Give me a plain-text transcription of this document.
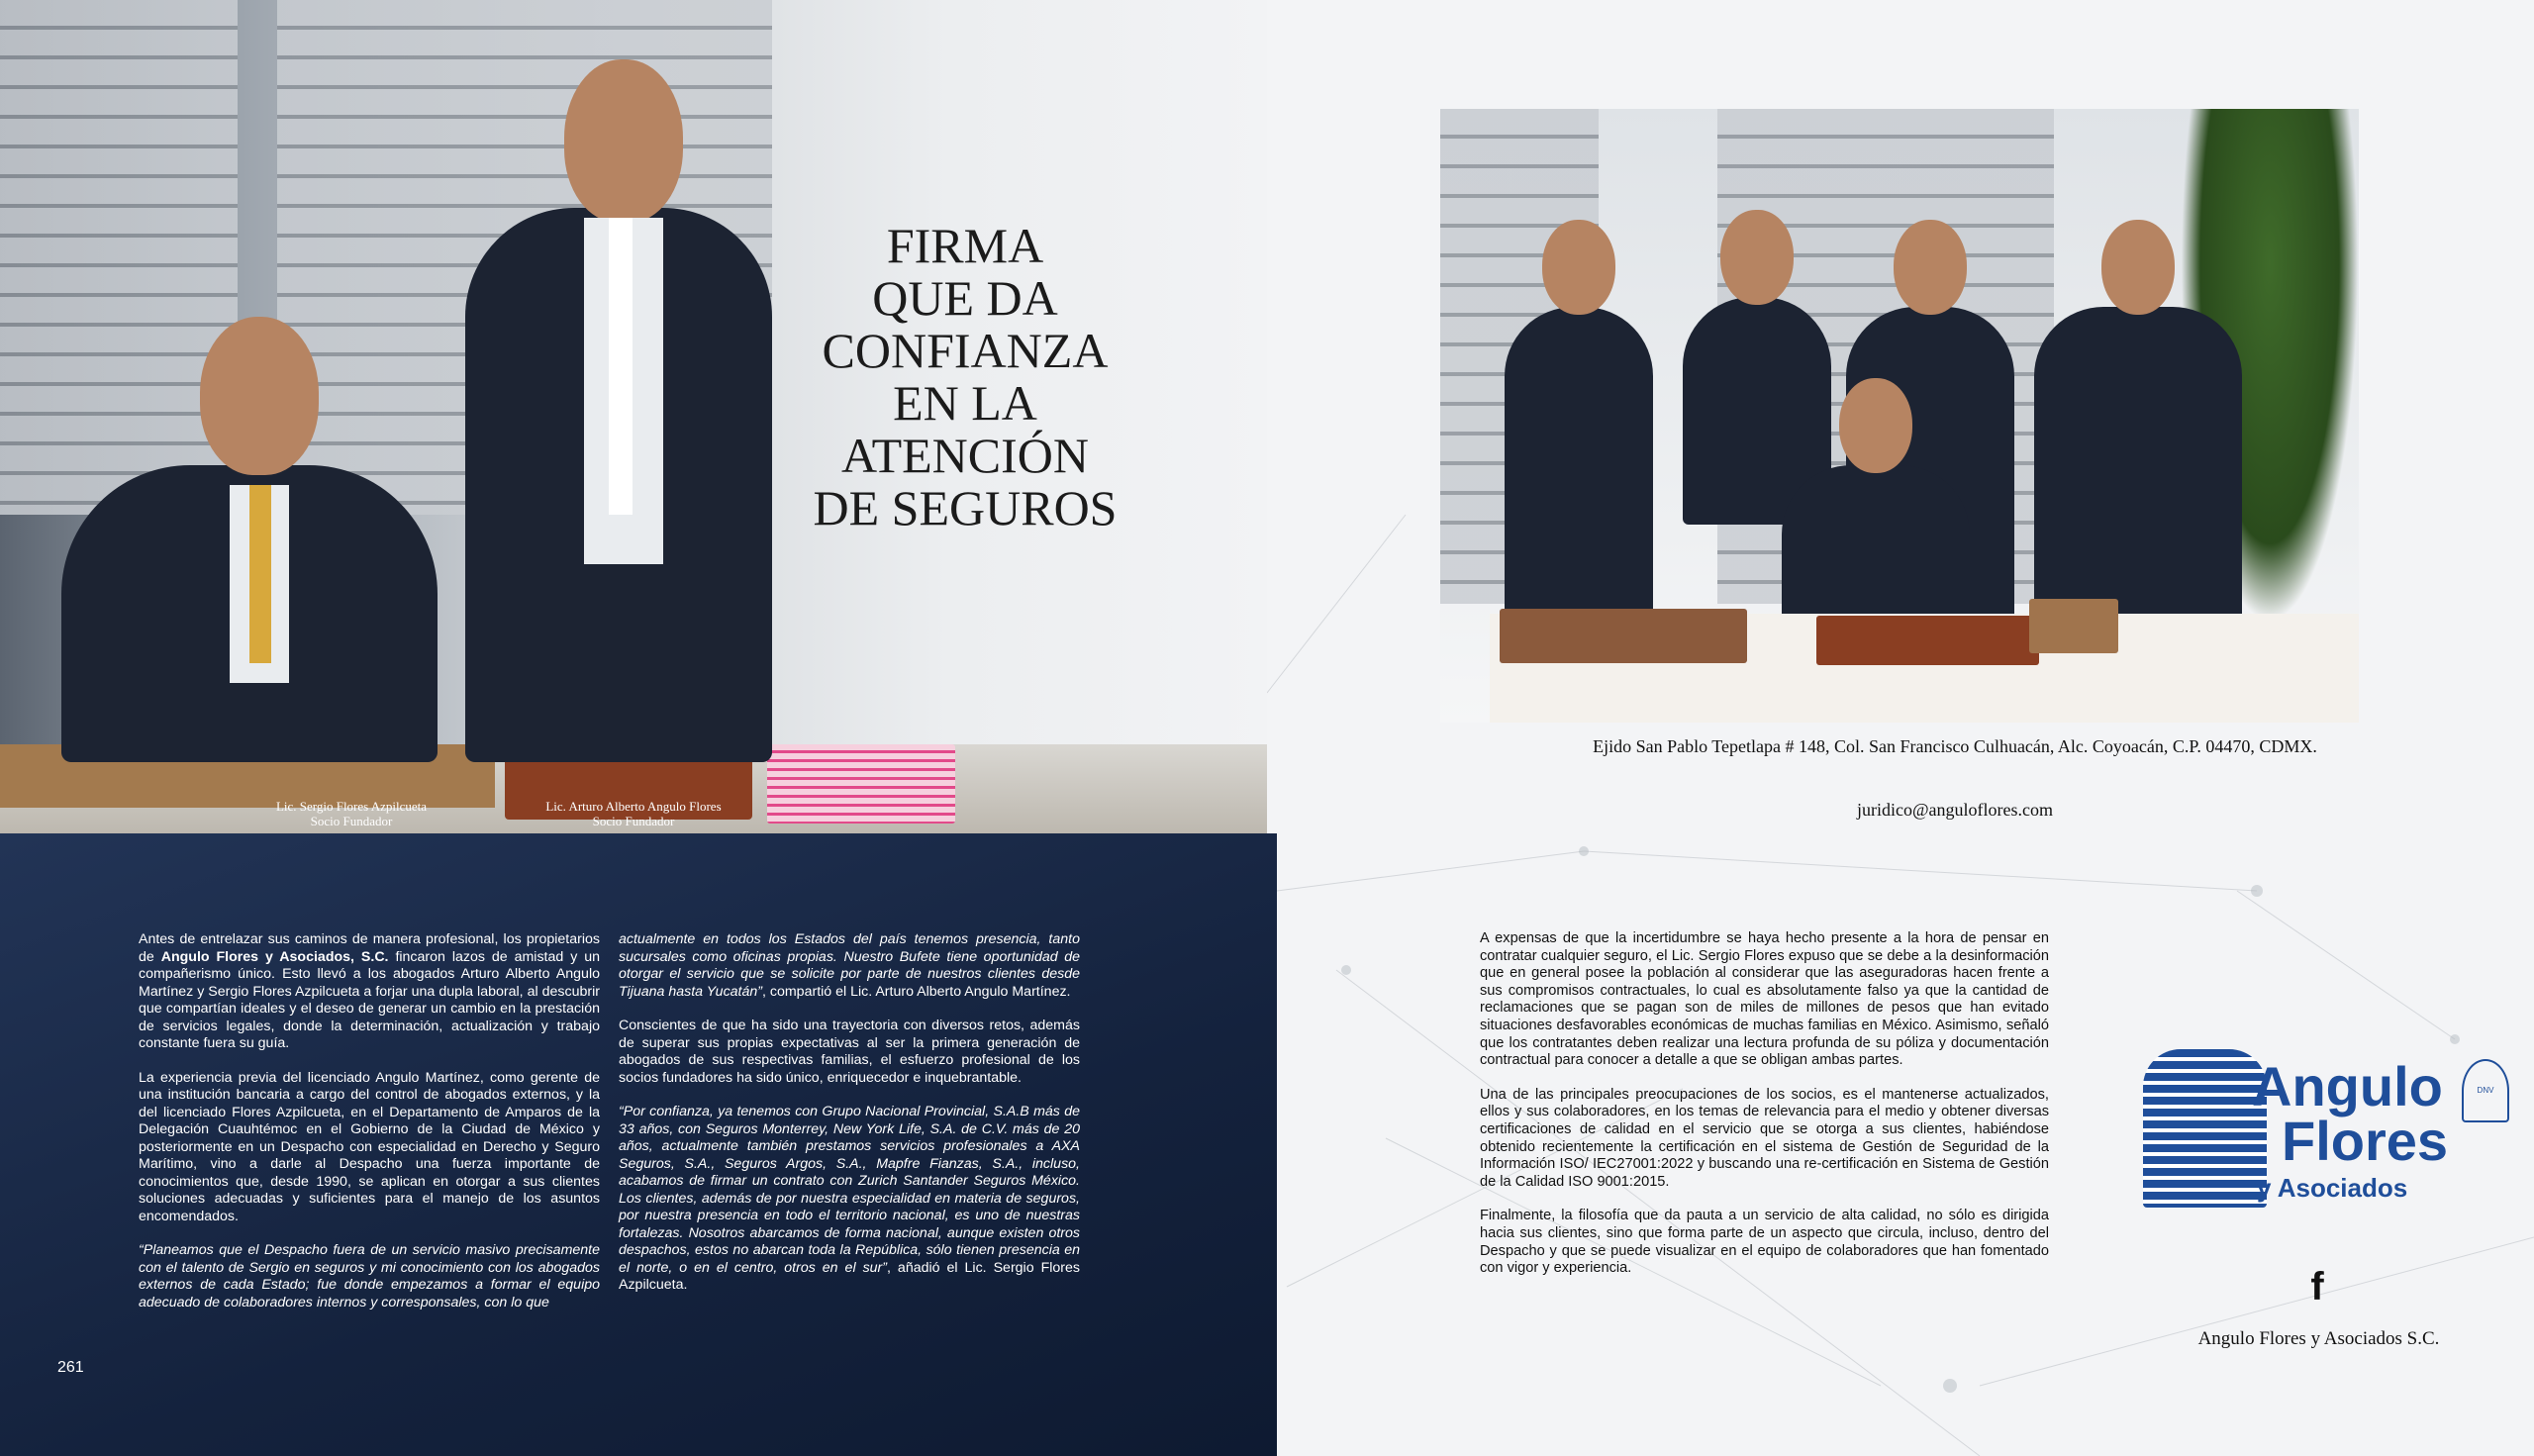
Lic. Sergio Flores Azpilcueta
Socio Fundador
Lic. Arturo Alberto Angulo Flores
Socio Fundador
FIRMA
QUE DA
CONFIANZA
EN LA
ATENCIÓN
DE SEGUROS
Ejido San Pablo Tepetlapa # 148, Col. San Francisco Culhuacán, Alc. Coyoacán, C.P. 04470, CDMX.
juridico@anguloflores.com

Antes de entrelazar sus caminos de manera profesional, los propietarios de Angulo Flores y Asociados, S.C. fincaron lazos de amistad y un compañerismo único. Esto llevó a los abogados Arturo Alberto Angulo Martínez y Sergio Flores Azpilcueta a forjar una dupla laboral, al descubrir que compartían ideales y el deseo de generar un cambio en la prestación de servicios legales, donde la determinación, actualización y trabajo constante fuera su guía.

La experiencia previa del licenciado Angulo Martínez, como gerente de una institución bancaria a cargo del control de abogados externos, y la del licenciado Flores Azpilcueta, en el Departamento de Amparos de la Delegación Cuauhtémoc en el Gobierno de la Ciudad de México y posteriormente en un Despacho con especialidad en Derecho y Seguro Marítimo, vino a darle al Despacho una fuerza importante de conocimientos que, desde 1990, se aplican en otorgar a sus clientes soluciones adecuadas y suficientes para el manejo de los asuntos encomendados.

“Planeamos que el Despacho fuera de un servicio masivo precisamente con el talento de Sergio en seguros y mi conocimiento con los abogados externos de cada Estado; fue donde empezamos a formar el equipo adecuado de colaboradores internos y corresponsales, con lo que

actualmente en todos los Estados del país tenemos presencia, tanto sucursales como oficinas propias. Nuestro Bufete tiene oportunidad de otorgar el servicio que se solicite por parte de nuestros clientes desde Tijuana hasta Yucatán”, compartió el Lic. Arturo Alberto Angulo Martínez.

Conscientes de que ha sido una trayectoria con diversos retos, además de superar sus propias expectativas al ser la primera generación de abogados de sus respectivas familias, el esfuerzo profesional de los socios fundadores ha sido único, enriquecedor e inquebrantable.

“Por confianza, ya tenemos con Grupo Nacional Provincial, S.A.B más de 33 años, con Seguros Monterrey, New York Life, S.A. de C.V. más de 20 años, actualmente también prestamos servicios profesionales a AXA Seguros, S.A., Seguros Argos, S.A., Mapfre Fianzas, S.A., incluso, acabamos de firmar un contrato con Zurich Santander Seguros México. Los clientes, además de por nuestra especialidad en materia de seguros, por nuestra presencia en todo el territorio nacional, es uno de nuestras fortalezas. Nosotros abarcamos de forma nacional, aunque existen otros despachos, estos no abarcan toda la República, sólo tienen presencia en el norte, o en el centro, otros en el sur”, añadió el Lic. Sergio Flores Azpilcueta.

261

A expensas de que la incertidumbre se haya hecho presente a la hora de pensar en contratar cualquier seguro, el Lic. Sergio Flores expuso que se debe a la desinformación que en general posee la población al considerar que las aseguradoras hacen frente a sus compromisos contractuales, lo cual es absolutamente falso ya que la cantidad de reclamaciones que se pagan son de miles de millones de pesos que han evitado situaciones desfavorables económicas de muchas familias en México. Asimismo, señaló que los contratantes deben realizar una lectura profunda de su póliza y documentación contractual para conocer a detalle a que se obligan ambas partes.

Una de las principales preocupaciones de los socios, es el mantenerse actualizados, ellos y sus colaboradores, en los temas de relevancia para el medio y obtener diversas certificaciones de calidad en el servicio que se otorga a sus clientes, habiéndose obtenido recientemente la certificación en el sistema de Gestión de Seguridad de la Información ISO/ IEC27001:2022 y buscando una re-certificación en Sistema de Gestión de la Calidad ISO 9001:2015.

Finalmente, la filosofía que da pauta a un servicio de alta calidad, no sólo es dirigida hacia sus clientes, sino que forma parte de un aspecto que circula, incluso, dentro del Despacho y que se puede visualizar en el equipo de colaboradores que han fomentado con vigor y experiencia.

Angulo
Flores
y Asociados
DNV
f
Angulo Flores y Asociados S.C.
